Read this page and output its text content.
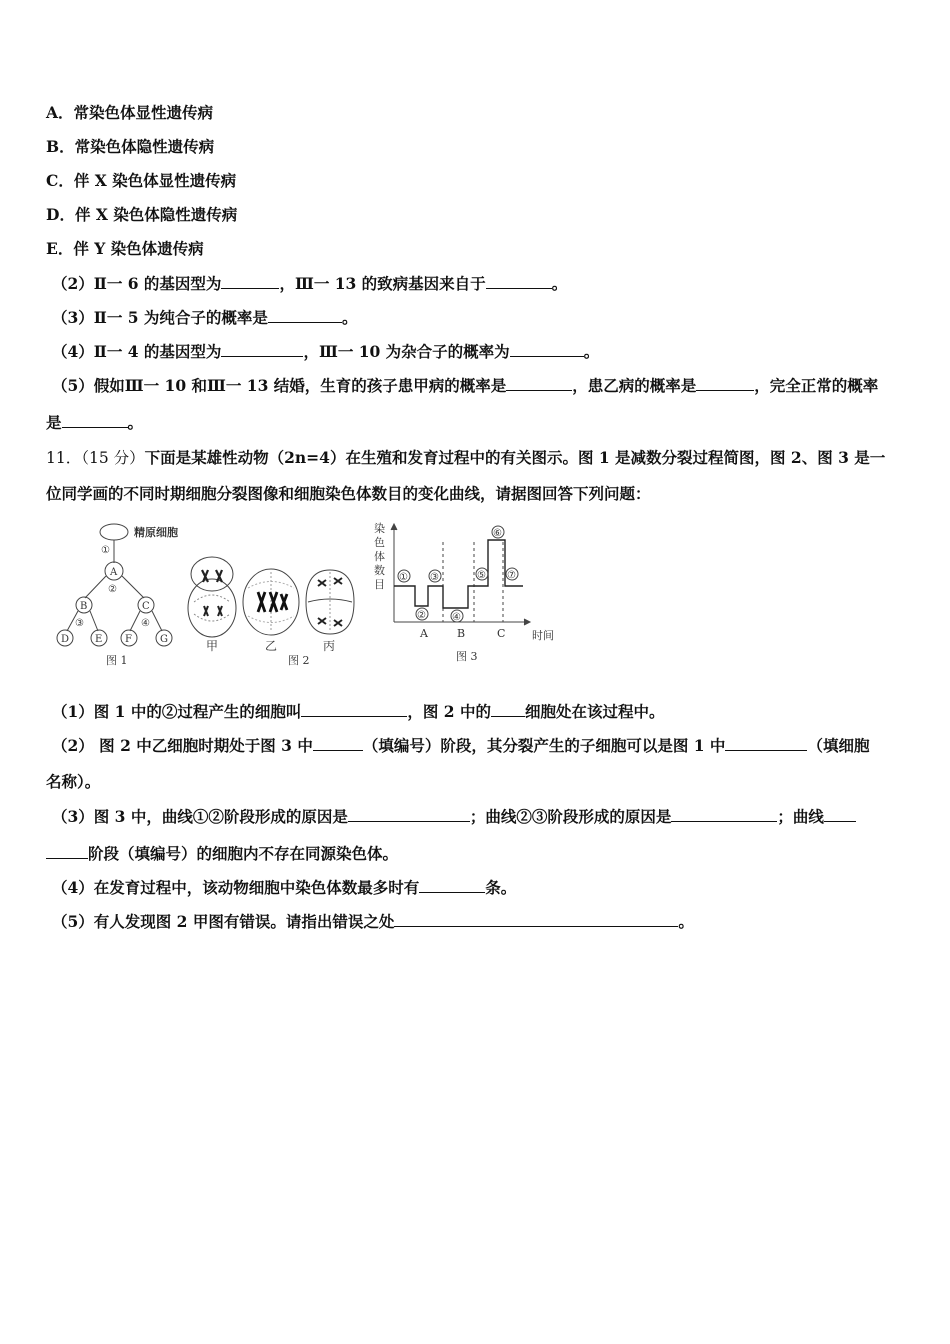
A．常染色体显性遗传病
B．常染色体隐性遗传病
C．伴 X 染色体显性遗传病
D．伴 X 染色体隐性遗传病
E．伴 Y 染色体遗传病
（2）Ⅱ一 6 的基因型为	，Ⅲ一 13 的致病基因来自于	。
（3）Ⅱ一 5 为纯合子的概率是	。
（4）Ⅱ一 4 的基因型为	，Ⅲ一 10 为杂合子的概率为	。
（5）假如Ⅲ一 10 和Ⅲ一 13 结婚，生育的孩子患甲病的概率是	，患乙病的概率是	，完全正常的概率
是	。
11．（15 分）下面是某雄性动物（2n=4）在生殖和发育过程中的有关图示。图 1 是减数分裂过程简图，图 2、图 3 是一
位同学画的不同时期细胞分裂图像和细胞染色体数目的变化曲线，请据图回答下列问题：
精原细胞
①
A
②
B	C
③	④
D	E F	G
图 1
甲	乙	丙
图 2
染
色
体
数
目
时间
A	B	C
①
②
③
④
⑤
⑥
⑦
图 3
（1）图 1 中的②过程产生的细胞叫	，图 2 中的 细胞处在该过程中。
（2） 图 2 中乙细胞时期处于图 3 中	（填编号）阶段，其分裂产生的子细胞可以是图 1 中	（填细胞
名称）。
（3）图 3 中，曲线①②阶段形成的原因是	；曲线②③阶段形成的原因是	；曲线
阶段（填编号）的细胞内不存在同源染色体。
（4）在发育过程中，该动物细胞中染色体数最多时有	条。
（5）有人发现图 2 甲图有错误。请指出错误之处	。
